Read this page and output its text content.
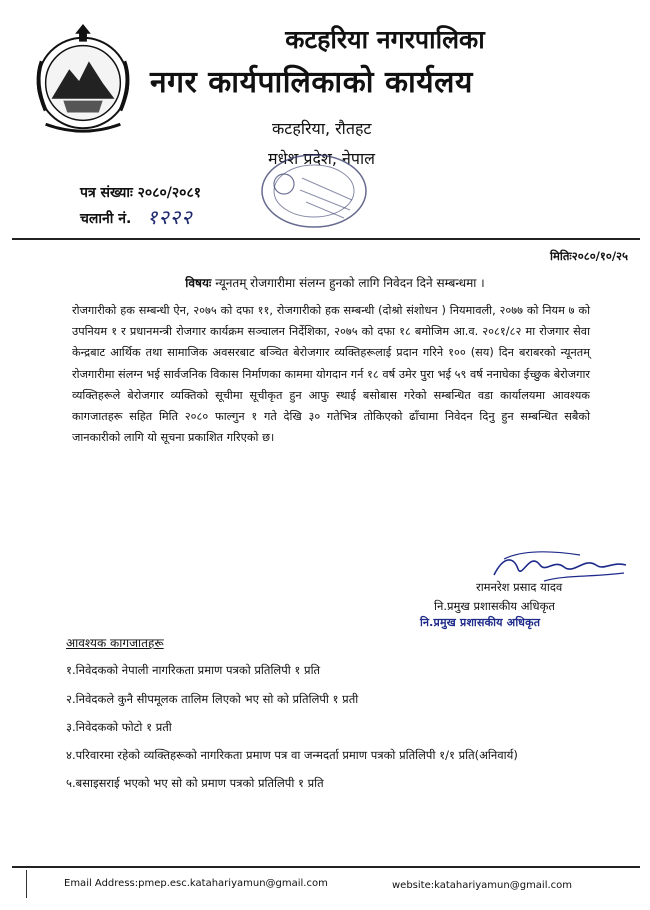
कटहरिया नगरपालिका
नगर कार्यपालिकाको कार्यलय
कटहरिया, रौतहट
मधेश प्रदेश, नेपाल
पत्र संख्याः २०८०/२०८१
चलानी नं. १२२२
मितिः२०८०/१०/२५
विषयः न्यूनतम् रोजगारीमा संलग्न हुनको लागि निवेदन दिने सम्बन्धमा ।
रोजगारीको हक सम्बन्धी ऐन, २०७५ को दफा ११, रोजगारीको हक सम्बन्धी (दोश्रो संशोधन ) नियमावली, २०७७ को नियम ७ को उपनियम १ र प्रधानमन्त्री रोजगार कार्यक्रम सञ्चालन निर्देशिका, २०७५ को दफा १८ बमोजिम आ.व. २०८१/८२ मा रोजगार सेवा केन्द्रबाट आर्थिक तथा सामाजिक अवसरबाट बञ्चित बेरोजगार व्यक्तिहरूलाई प्रदान गरिने १०० (सय) दिन बराबरको न्यूनतम् रोजगारीमा संलग्न भई सार्वजनिक विकास निर्माणका काममा योगदान गर्न १८ वर्ष उमेर पुरा भई ५९ वर्ष ननाघेका ईच्छुक बेरोजगार व्यक्तिहरूले बेरोजगार व्यक्तिको सूचीमा सूचीकृत हुन आफु स्थाई बसोबास गरेको सम्बन्धित वडा कार्यालयमा आवश्यक कागजातहरू सहित मिति २०८० फाल्गुन १ गते देखि ३० गतेभित्र तोकिएको ढाँचामा निवेदन दिनु हुन सम्बन्धित सबैको जानकारीको लागि यो सूचना प्रकाशित गरिएको छ।
रामनरेश प्रसाद यादव
नि.प्रमुख प्रशासकीय अधिकृत
नि.प्रमुख प्रशासकीय अधिकृत
आवश्यक कागजातहरू
१.निवेदकको नेपाली नागरिकता प्रमाण पत्रको प्रतिलिपी १ प्रति
२.निवेदकले कुनै सीपमूलक तालिम लिएको भए सो को प्रतिलिपी १ प्रती
३.निवेदकको फोटो १ प्रती
४.परिवारमा रहेको व्यक्तिहरूको नागरिकता प्रमाण पत्र वा जन्मदर्ता प्रमाण पत्रको प्रतिलिपी १/१ प्रति(अनिवार्य)
५.बसाइसराई भएको भए सो को प्रमाण पत्रको प्रतिलिपी १ प्रति
Email Address:pmep.esc.katahariyamun@gmail.com	website:katahariyamun@gmail.com
